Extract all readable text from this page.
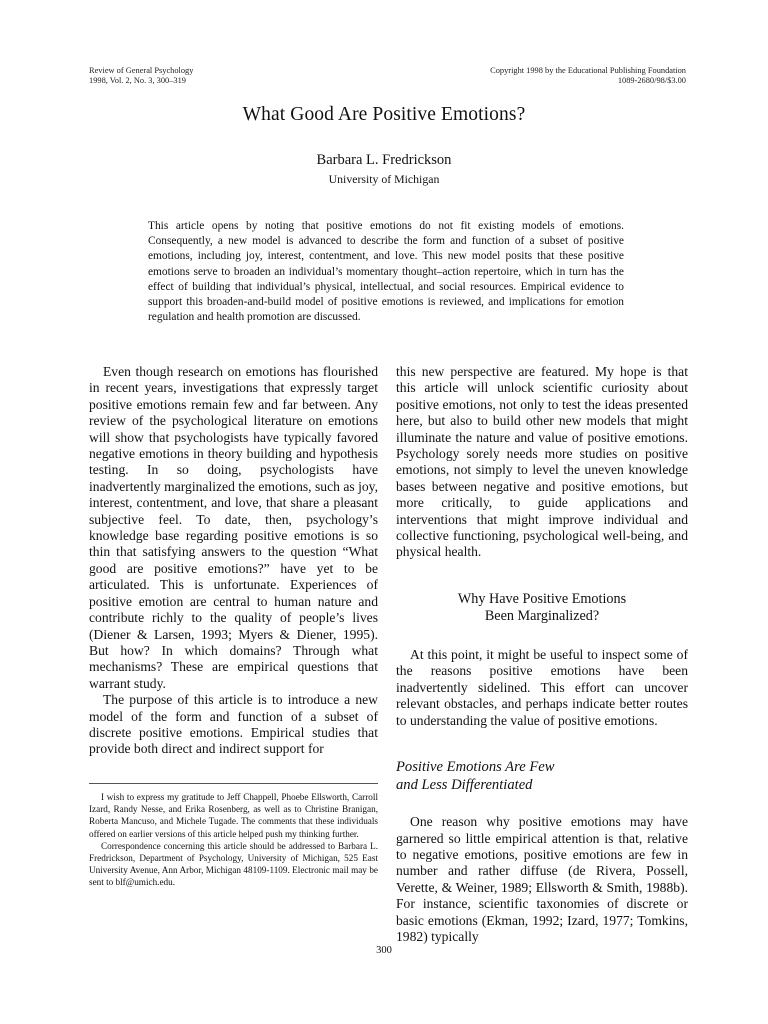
Review of General Psychology
1998, Vol. 2, No. 3, 300–319
Copyright 1998 by the Educational Publishing Foundation
1089-2680/98/$3.00
What Good Are Positive Emotions?
Barbara L. Fredrickson
University of Michigan
This article opens by noting that positive emotions do not fit existing models of emotions. Consequently, a new model is advanced to describe the form and function of a subset of positive emotions, including joy, interest, contentment, and love. This new model posits that these positive emotions serve to broaden an individual’s momentary thought–action repertoire, which in turn has the effect of building that individual’s physical, intellectual, and social resources. Empirical evidence to support this broaden-and-build model of positive emotions is reviewed, and implications for emotion regulation and health promotion are discussed.

Even though research on emotions has flourished in recent years, investigations that expressly target positive emotions remain few and far between. Any review of the psychological literature on emotions will show that psychologists have typically favored negative emotions in theory building and hypothesis testing. In so doing, psychologists have inadvertently marginalized the emotions, such as joy, interest, contentment, and love, that share a pleasant subjective feel. To date, then, psychology’s knowledge base regarding positive emotions is so thin that satisfying answers to the question “What good are positive emotions?” have yet to be articulated. This is unfortunate. Experiences of positive emotion are central to human nature and contribute richly to the quality of people’s lives (Diener & Larsen, 1993; Myers & Diener, 1995). But how? In which domains? Through what mechanisms? These are empirical questions that warrant study.

The purpose of this article is to introduce a new model of the form and function of a subset of discrete positive emotions. Empirical studies that provide both direct and indirect support for

this new perspective are featured. My hope is that this article will unlock scientific curiosity about positive emotions, not only to test the ideas presented here, but also to build other new models that might illuminate the nature and value of positive emotions. Psychology sorely needs more studies on positive emotions, not simply to level the uneven knowledge bases between negative and positive emotions, but more critically, to guide applications and interventions that might improve individual and collective functioning, psychological well-being, and physical health.

Why Have Positive Emotions
Been Marginalized?

At this point, it might be useful to inspect some of the reasons positive emotions have been inadvertently sidelined. This effort can uncover relevant obstacles, and perhaps indicate better routes to understanding the value of positive emotions.

Positive Emotions Are Few
and Less Differentiated

One reason why positive emotions may have garnered so little empirical attention is that, relative to negative emotions, positive emotions are few in number and rather diffuse (de Rivera, Possell, Verette, & Weiner, 1989; Ellsworth & Smith, 1988b). For instance, scientific taxonomies of discrete or basic emotions (Ekman, 1992; Izard, 1977; Tomkins, 1982) typically

I wish to express my gratitude to Jeff Chappell, Phoebe Ellsworth, Carroll Izard, Randy Nesse, and Erika Rosenberg, as well as to Christine Branigan, Roberta Mancuso, and Michele Tugade. The comments that these individuals offered on earlier versions of this article helped push my thinking further.

Correspondence concerning this article should be addressed to Barbara L. Fredrickson, Department of Psychology, University of Michigan, 525 East University Avenue, Ann Arbor, Michigan 48109-1109. Electronic mail may be sent to blf@umich.edu.

300
